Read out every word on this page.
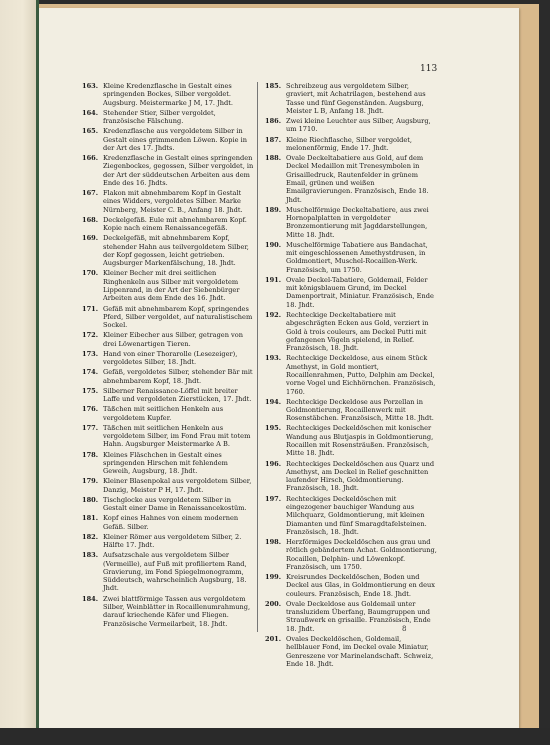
113
163. Kleine Kredenzflasche in Gestalt eines springenden Bockes, Silber vergoldet. Augsburg. Meistermarke J M, 17. Jhdt.
164. Stehender Stier, Silber vergoldet, französische Fälschung.
165. Kredenzflasche aus vergoldetem Silber in Gestalt eines grimmenden Löwen. Kopie in der Art des 17. Jhdts.
166. Kredenzflasche in Gestalt eines springenden Ziegenbockes, gegossen, Silber vergoldet, in der Art der süddeutschen Arbeiten aus dem Ende des 16. Jhdts.
167. Flakon mit abnehmbarem Kopf in Gestalt eines Widders, vergoldetes Silber. Marke Nürnberg, Meister C. B., Anfang 18. Jhdt.
168. Deckelgefäß. Eule mit abnehmbarem Kopf. Kopie nach einem Renaissancegefäß.
169. Deckelgefäß, mit abnehmbarem Kopf, stehender Hahn aus teilvergoldetem Silber, der Kopf gegossen, leicht getrieben. Augsburger Markenfälschung, 18. Jhdt.
170. Kleiner Becher mit drei seitlichen Ringhenkeln aus Silber mit vergoldetem Lippenrand, in der Art der Siebenbürger Arbeiten aus dem Ende des 16. Jhdt.
171. Gefäß mit abnehmbarem Kopf, springendes Pferd, Silber vergoldet, auf naturalistischem Sockel.
172. Kleiner Eibecher aus Silber, getragen von drei Löwenartigen Tieren.
173. Hand von einer Thorarolle (Lesezeiger), vergoldetes Silber, 18. Jhdt.
174. Gefäß, vergoldetes Silber, stehender Bär mit abnehmbarem Kopf, 18. Jhdt.
175. Silberner Renaissance-Löffel mit breiter Laffe und vergoldeten Zierstücken, 17. Jhdt.
176. Täßchen mit seitlichen Henkeln aus vergoldetem Kupfer.
177. Täßchen mit seitlichen Henkeln aus vergoldetem Silber, im Fond Frau mit totem Hahn. Augsburger Meistermarke A B.
178. Kleines Fläschchen in Gestalt eines springenden Hirschen mit fehlendem Geweih, Augsburg, 18. Jhdt.
179. Kleiner Blasenpokal aus vergoldetem Silber, Danzig, Meister P H, 17. Jhdt.
180. Tischglocke aus vergoldetem Silber in Gestalt einer Dame in Renaissancekostüm.
181. Kopf eines Hahnes von einem modernen Gefäß. Silber.
182. Kleiner Römer aus vergoldetem Silber, 2. Hälfte 17. Jhdt.
183. Aufsatzschale aus vergoldetem Silber (Vermeille), auf Fuß mit profiliertem Rand, Gravierung, im Fond Spiegelmonogramm, Süddeutsch, wahrscheinlich Augsburg, 18. Jhdt.
184. Zwei blattförmige Tassen aus vergoldetem Silber, Weinblätter in Rocaillenumrahmung, darauf kriechende Käfer und Fliegen. Französische Vermeilarbeit, 18. Jhdt.
185. Schreibzeug aus vergoldetem Silber, graviert, mit Achatrilagen, bestehend aus Tasse und fünf Gegenständen. Augsburg, Meister L B, Anfang 18. Jhdt.
186. Zwei kleine Leuchter aus Silber, Augsburg, um 1710.
187. Kleine Riechflasche, Silber vergoldet, melonenförmig, Ende 17. Jhdt.
188. Ovale Deckeltabatiere aus Gold, auf dem Deckel Medaillon mit Trenesymbolen in Grisailledruck, Rautenfelder in grünem Email, grünen und weißen Emailgravierungen. Französisch, Ende 18. Jhdt.
189. Muschelförmige Deckeltabatiere, aus zwei Hornopalplatten in vergoldeter Bronzemontierung mit Jagddarstellungen, Mitte 18. Jhdt.
190. Muschelförmige Tabatiere aus Bandachat, mit eingeschlossenen Amethystdrusen, in Goldmontiert, Muschel-Rocaillen-Werk. Französisch, um 1750.
191. Ovale Deckel-Tabatiere, Goldemail, Felder mit königsblauem Grund, im Deckel Damenportrait, Miniatur. Französisch, Ende 18. Jhdt.
192. Rechteckige Deckeltabatiere mit abgeschrägten Ecken aus Gold, verziert in Gold à trois couleurs, am Deckel Putti mit gefangenen Vögeln spielend, in Relief. Französisch, 18. Jhdt.
193. Rechteckige Deckeldose, aus einem Stück Amethyst, in Gold montiert, Rocaillenrahmen, Putto, Delphin am Deckel, vorne Vogel und Eichhörnchen. Französisch, 1760.
194. Rechteckige Deckeldose aus Porzellan in Goldmontierung, Rocaillenwerk mit Rosenstäbchen. Französisch, Mitte 18. Jhdt.
195. Rechteckiges Deckeldöschen mit konischer Wandung aus Blutjaspis in Goldmontierung, Rocaillen mit Rosensträußen. Französisch, Mitte 18. Jhdt.
196. Rechteckiges Deckeldöschen aus Quarz und Amethyst, am Deckel in Relief geschnitten laufender Hirsch, Goldmontierung. Französisch, 18. Jhdt.
197. Rechteckiges Deckeldöschen mit eingezogener bauchiger Wandung aus Milchquarz, Goldmontierung, mit kleinen Diamanten und fünf Smaragdtafelsteinen. Französisch, 18. Jhdt.
198. Herzförmiges Deckeldöschen aus grau und rötlich gebändertem Achat. Goldmontierung, Rocaillen, Delphin- und Löwenkopf. Französisch, um 1750.
199. Kreisrundes Deckeldöschen, Boden und Deckel aus Glas, in Goldmontierung en deux couleurs. Französisch, Ende 18. Jhdt.
200. Ovale Deckeldose aus Goldemail unter transluzidem Überfang, Baumgruppen und Straußwerk en grisaille. Französisch, Ende 18. Jhdt.
201. Ovales Deckeldöschen, Goldemail, hellblauer Fond, im Deckel ovale Miniatur, Genreszene vor Marinelandschaft. Schweiz, Ende 18. Jhdt.
8
